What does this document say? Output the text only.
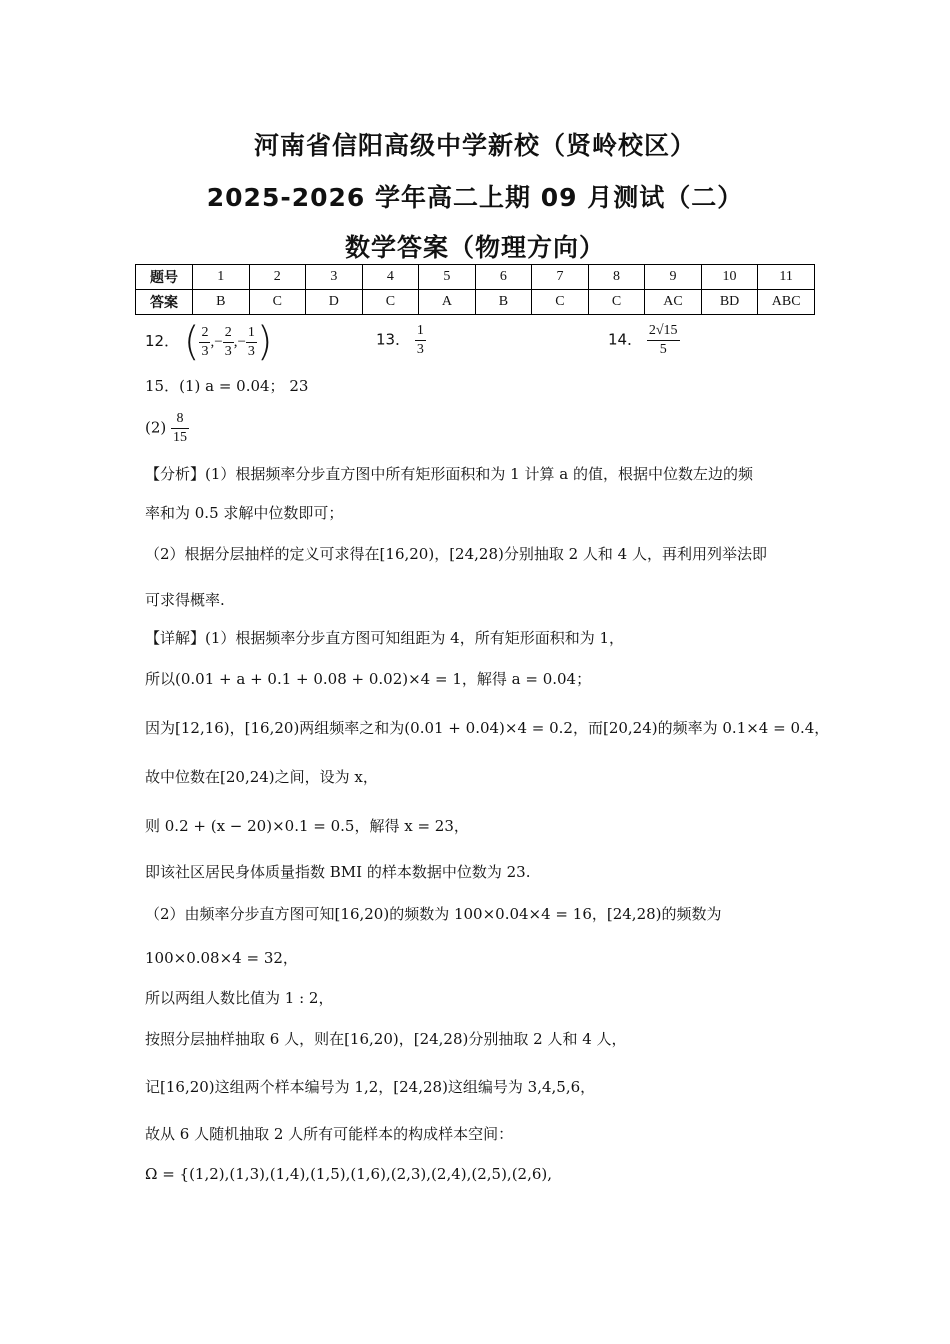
河南省信阳高级中学新校（贤岭校区）
2025-2026 学年高二上期 09 月测试（二）
数学答案（物理方向）
题号	1	2	3	4	5	6	7	8	9	10	11
答案	B	C	D	C	A	B	C	C	AC	BD	ABC
12． ( $\frac{2}{3}$ ,− $\frac{2}{3}$ ,− $\frac{1}{3}$ )	13． $\frac{1}{3}$	14． $\frac{2√15}{5}$
15．(1) a = 0.04； 23
$(2) \frac{8}{15}$
【分析】(1）根据频率分步直方图中所有矩形面积和为 1 计算 a 的值，根据中位数左边的频
率和为 0.5 求解中位数即可；
（2）根据分层抽样的定义可求得在[16,20)，[24,28)分别抽取 2 人和 4 人，再利用列举法即
可求得概率.
【详解】(1）根据频率分步直方图可知组距为 4，所有矩形面积和为 1，
所以(0.01 + a + 0.1 + 0.08 + 0.02)×4 = 1，解得 a = 0.04；
因为[12,16)，[16,20)两组频率之和为(0.01 + 0.04)×4 = 0.2，而[20,24)的频率为 0.1×4 = 0.4，
故中位数在[20,24)之间，设为 x，
则 0.2 + (x − 20)×0.1 = 0.5，解得 x = 23，
即该社区居民身体质量指数 BMI 的样本数据中位数为 23.
（2）由频率分步直方图可知[16,20)的频数为 100×0.04×4 = 16，[24,28)的频数为
100×0.08×4 = 32，
所以两组人数比值为 1 : 2，
按照分层抽样抽取 6 人，则在[16,20)，[24,28)分别抽取 2 人和 4 人，
记[16,20)这组两个样本编号为 1,2，[24,28)这组编号为 3,4,5,6，
故从 6 人随机抽取 2 人所有可能样本的构成样本空间：
Ω = {(1,2),(1,3),(1,4),(1,5),(1,6),(2,3),(2,4),(2,5),(2,6),
